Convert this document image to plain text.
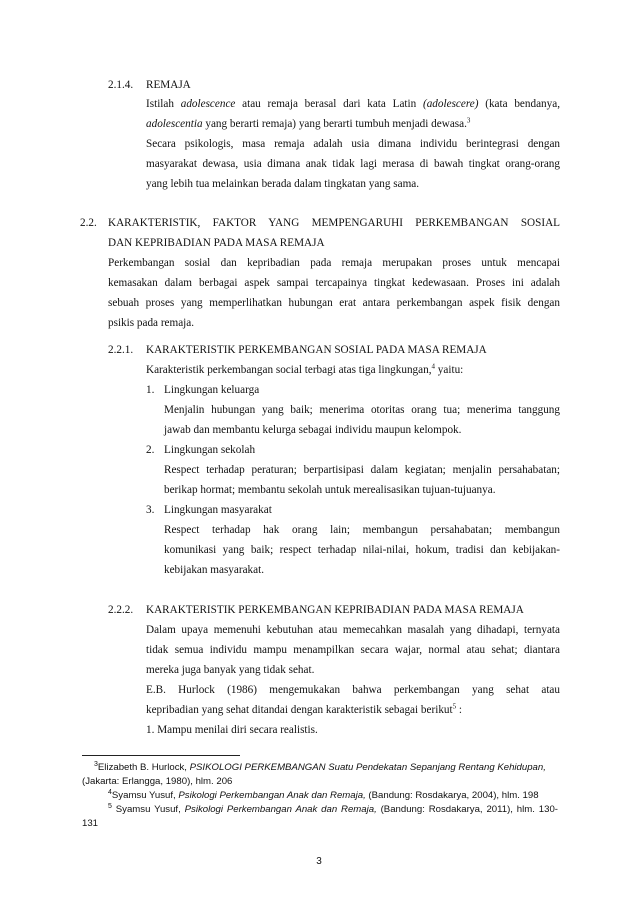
2.1.4. REMAJA
Istilah adolescence atau remaja berasal dari kata Latin (adolescere) (kata bendanya,
adolescentia yang berarti remaja) yang berarti tumbuh menjadi dewasa.$^3$
Secara psikologis, masa remaja adalah usia dimana individu berintegrasi dengan
masyarakat dewasa, usia dimana anak tidak lagi merasa di bawah tingkat orang-orang
yang lebih tua melainkan berada dalam tingkatan yang sama.
2.2. KARAKTERISTIK, FAKTOR YANG MEMPENGARUHI PERKEMBANGAN SOSIAL
DAN KEPRIBADIAN PADA MASA REMAJA
Perkembangan sosial dan kepribadian pada remaja merupakan proses untuk mencapai
kemasakan dalam berbagai aspek sampai tercapainya tingkat kedewasaan. Proses ini adalah
sebuah proses yang memperlihatkan hubungan erat antara perkembangan aspek fisik dengan
psikis pada remaja.
2.2.1. KARAKTERISTIK PERKEMBANGAN SOSIAL PADA MASA REMAJA
Karakteristik perkembangan social terbagi atas tiga lingkungan,$^4$ yaitu:
1. Lingkungan keluarga
Menjalin hubungan yang baik; menerima otoritas orang tua; menerima tanggung
jawab dan membantu kelurga sebagai individu maupun kelompok.
2. Lingkungan sekolah
Respect terhadap peraturan; berpartisipasi dalam kegiatan; menjalin persahabatan;
berikap hormat; membantu sekolah untuk merealisasikan tujuan-tujuanya.
3. Lingkungan masyarakat
Respect terhadap hak orang lain; membangun persahabatan; membangun
komunikasi yang baik; respect terhadap nilai-nilai, hokum, tradisi dan kebijakan-
kebijakan masyarakat.
2.2.2. KARAKTERISTIK PERKEMBANGAN KEPRIBADIAN PADA MASA REMAJA
Dalam upaya memenuhi kebutuhan atau memecahkan masalah yang dihadapi, ternyata
tidak semua individu mampu menampilkan secara wajar, normal atau sehat; diantara
mereka juga banyak yang tidak sehat.
E.B. Hurlock (1986) mengemukakan bahwa perkembangan yang sehat atau
kepribadian yang sehat ditandai dengan karakteristik sebagai berikut$^5$ :
1. Mampu menilai diri secara realistis.
$^3$Elizabeth B. Hurlock, PSIKOLOGI PERKEMBANGAN Suatu Pendekatan Sepanjang Rentang Kehidupan,
(Jakarta: Erlangga, 1980), hlm. 206
$^4$Syamsu Yusuf, Psikologi Perkembangan Anak dan Remaja, (Bandung: Rosdakarya, 2004), hlm. 198
$^5$ Syamsu Yusuf, Psikologi Perkembangan Anak dan Remaja, (Bandung: Rosdakarya, 2011), hlm. 130-
131
3
